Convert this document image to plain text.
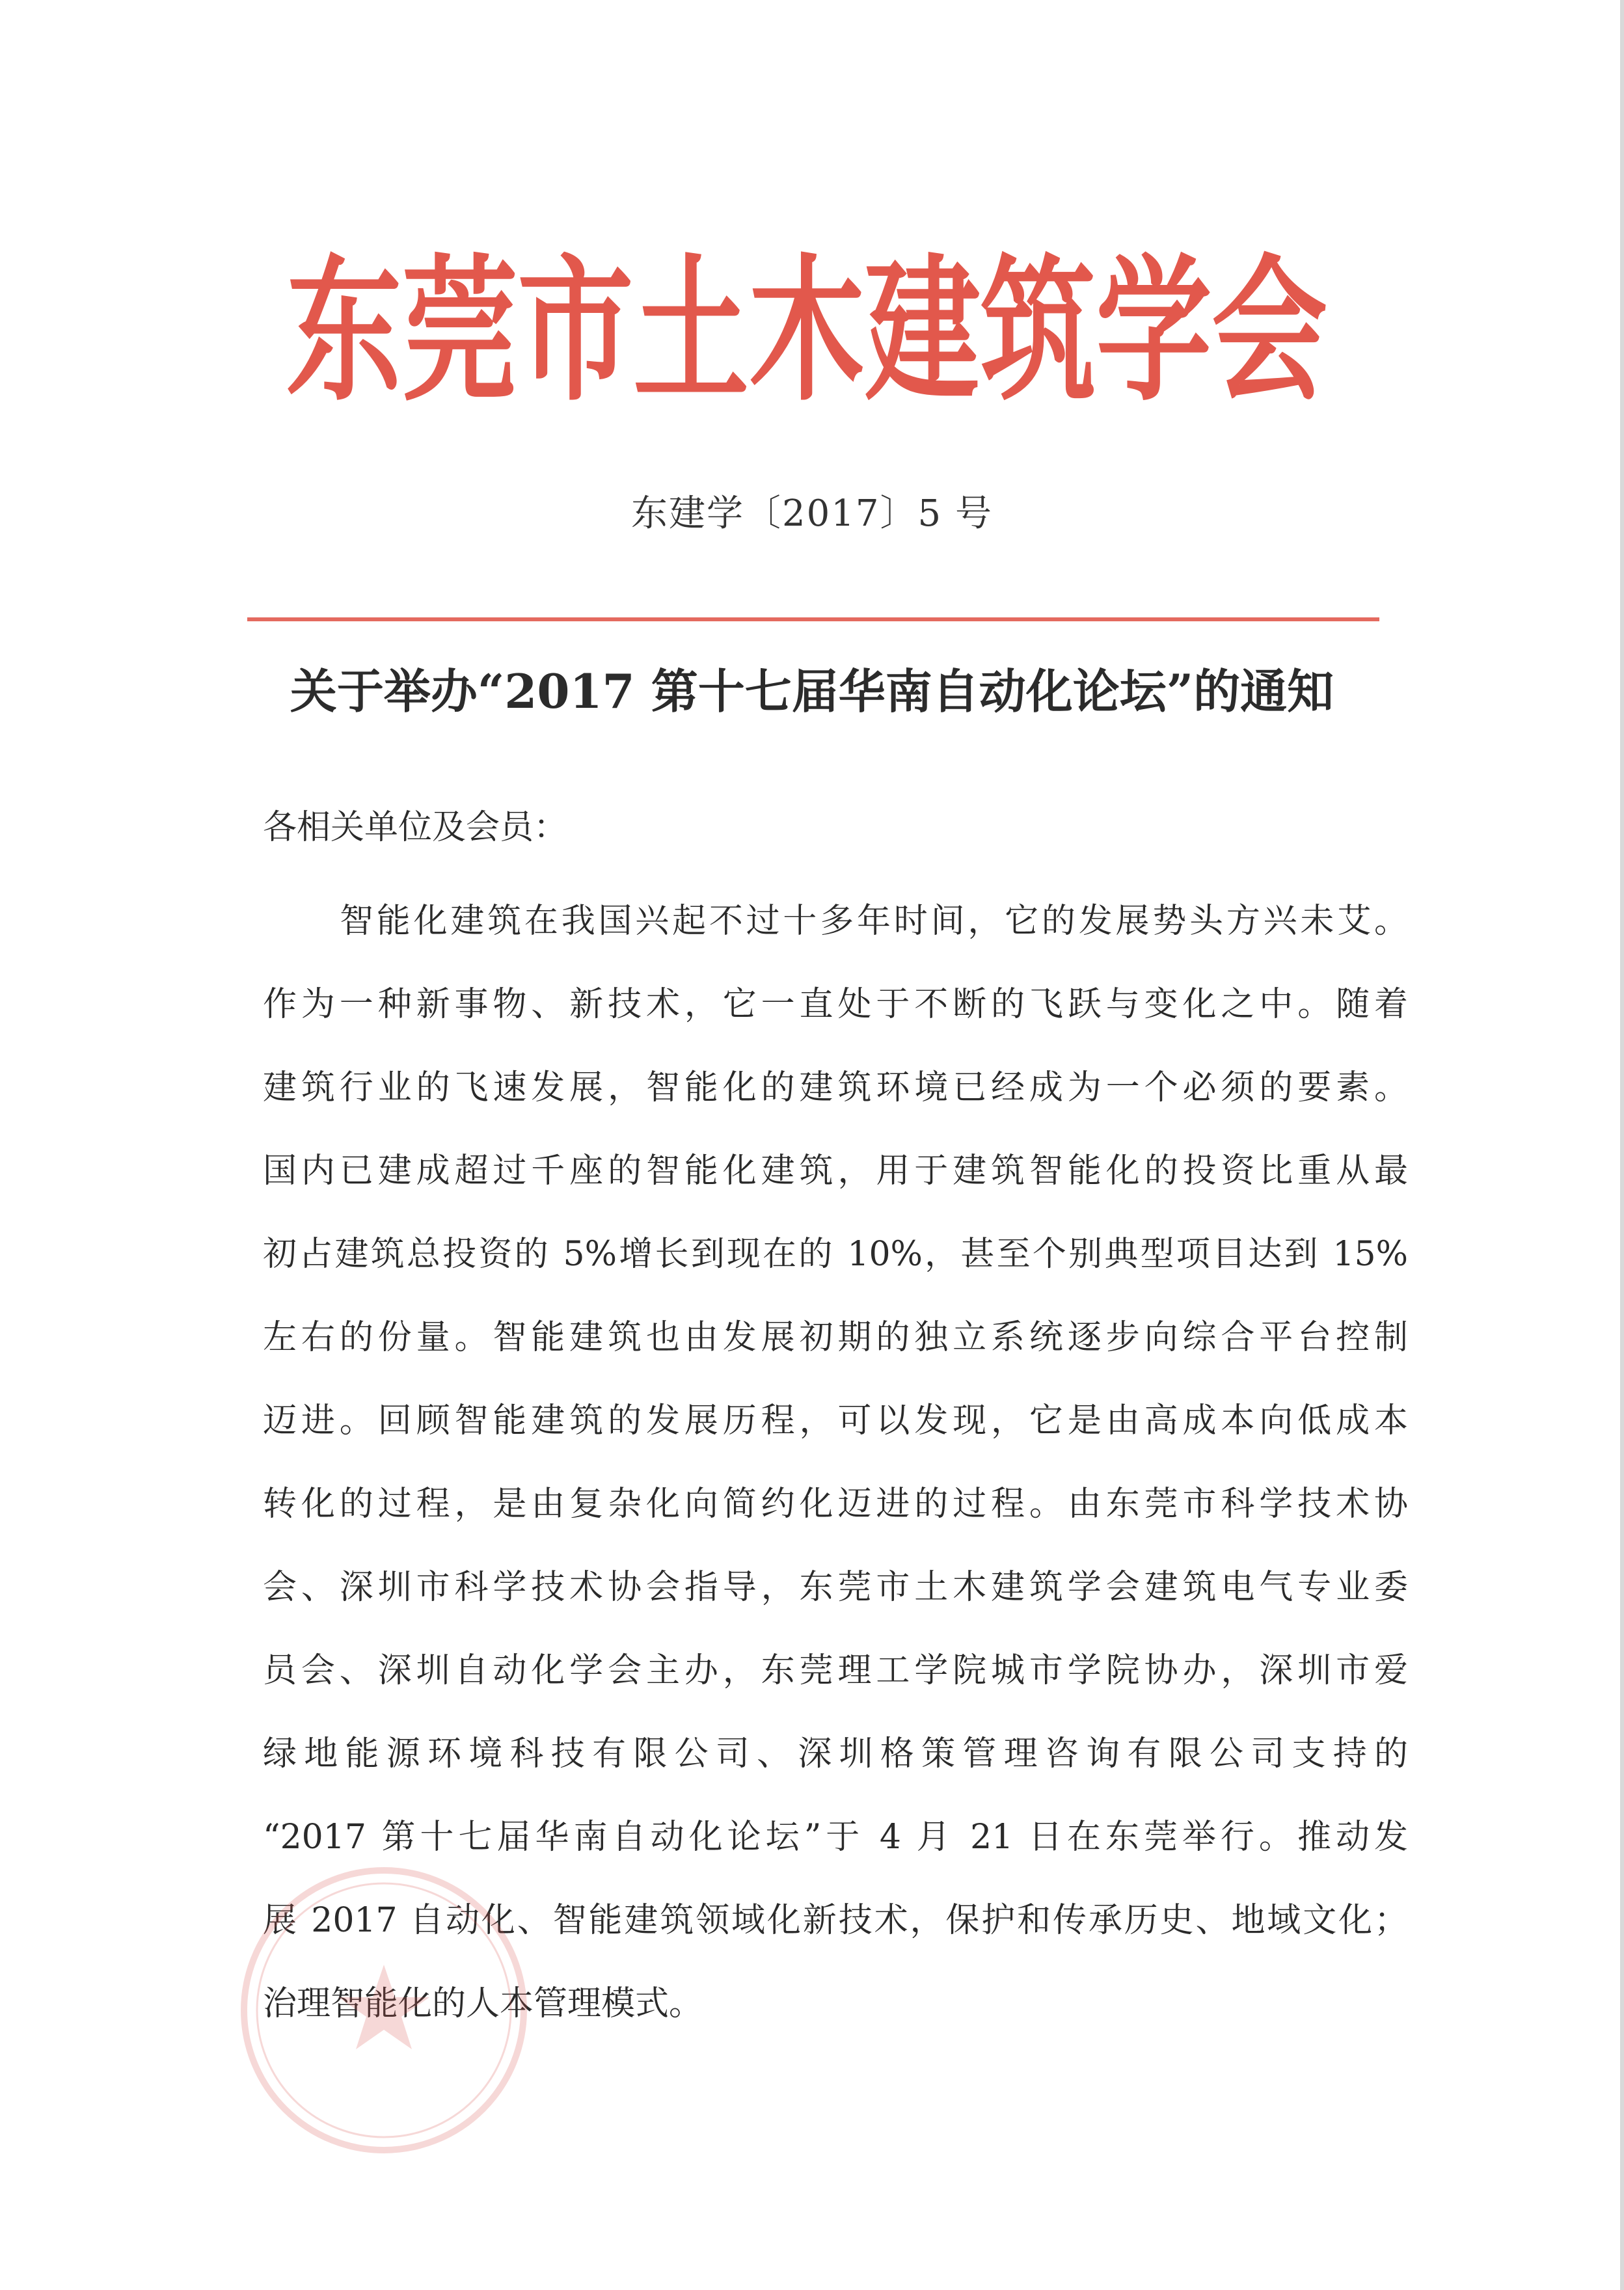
东莞市土木建筑学会
东建学〔2017〕5 号
关于举办“2017 第十七届华南自动化论坛”的通知
各相关单位及会员：
智能化建筑在我国兴起不过十多年时间，它的发展势头方兴未艾。
作为一种新事物、新技术，它一直处于不断的飞跃与变化之中。随着
建筑行业的飞速发展，智能化的建筑环境已经成为一个必须的要素。
国内已建成超过千座的智能化建筑，用于建筑智能化的投资比重从最
初占建筑总投资的 5%增长到现在的 10%，甚至个别典型项目达到 15%
左右的份量。智能建筑也由发展初期的独立系统逐步向综合平台控制
迈进。回顾智能建筑的发展历程，可以发现，它是由高成本向低成本
转化的过程，是由复杂化向简约化迈进的过程。由东莞市科学技术协
会、深圳市科学技术协会指导，东莞市土木建筑学会建筑电气专业委
员会、深圳自动化学会主办，东莞理工学院城市学院协办，深圳市爱
绿地能源环境科技有限公司、深圳格策管理咨询有限公司支持的
“2017 第十七届华南自动化论坛”于 4 月 21 日在东莞举行。推动发
展 2017 自动化、智能建筑领域化新技术，保护和传承历史、地域文化；
治理智能化的人本管理模式。
